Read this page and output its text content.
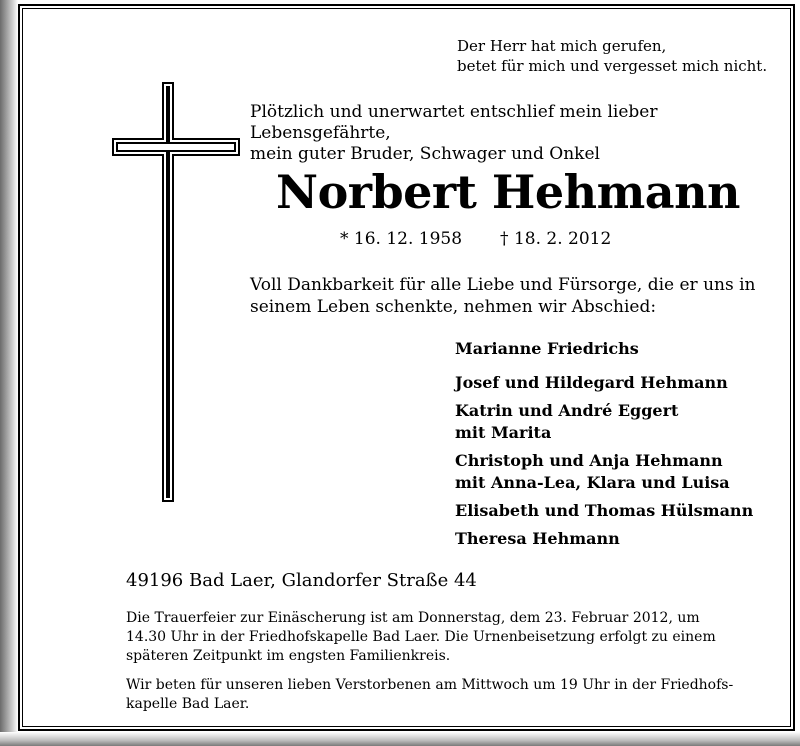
Der Herr hat mich gerufen,
betet für mich und vergesset mich nicht.
Plötzlich und unerwartet entschlief mein lieber Lebensgefährte,
mein guter Bruder, Schwager und Onkel
Norbert Hehmann
* 16. 12. 1958 † 18. 2. 2012
Voll Dankbarkeit für alle Liebe und Fürsorge, die er uns in
seinem Leben schenkte, nehmen wir Abschied:
Marianne Friedrichs
Josef und Hildegard Hehmann
Katrin und André Eggert
mit Marita
Christoph und Anja Hehmann
mit Anna-Lea, Klara und Luisa
Elisabeth und Thomas Hülsmann
Theresa Hehmann
49196 Bad Laer, Glandorfer Straße 44
Die Trauerfeier zur Einäscherung ist am Donnerstag, dem 23. Februar 2012, um
14.30 Uhr in der Friedhofskapelle Bad Laer. Die Urnenbeisetzung erfolgt zu einem
späteren Zeitpunkt im engsten Familienkreis.
Wir beten für unseren lieben Verstorbenen am Mittwoch um 19 Uhr in der Friedhofs-
kapelle Bad Laer.
